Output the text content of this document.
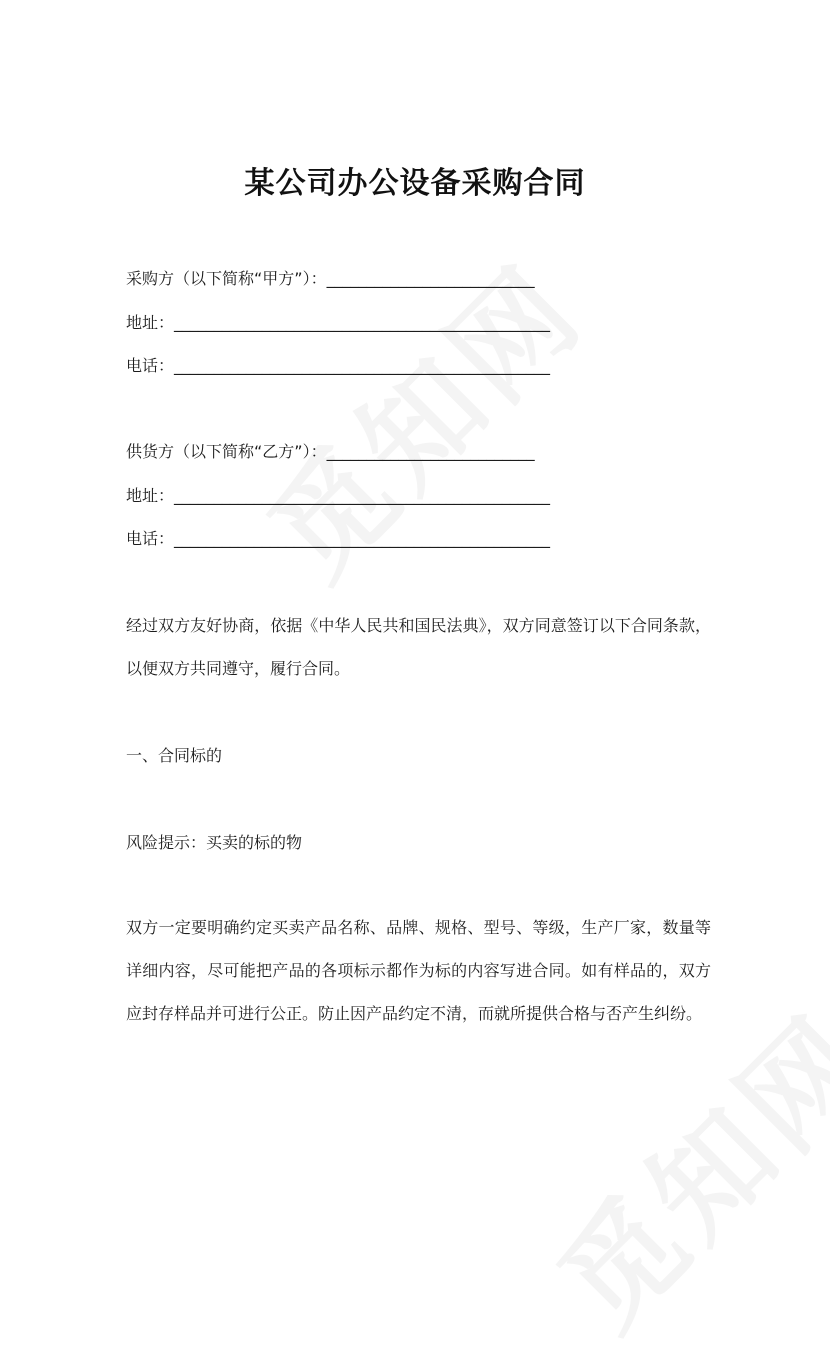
某公司办公设备采购合同
采购方（以下简称“甲方”）：__________________________
地址：_______________________________________________
电话：_______________________________________________
供货方（以下简称“乙方”）：__________________________
地址：_______________________________________________
电话：_______________________________________________
经过双方友好协商，依据《中华人民共和国民法典》，双方同意签订以下合同条款，以便双方共同遵守，履行合同。
一、合同标的
风险提示：买卖的标的物
双方一定要明确约定买卖产品名称、品牌、规格、型号、等级，生产厂家，数量等详细内容，尽可能把产品的各项标示都作为标的内容写进合同。如有样品的，双方应封存样品并可进行公正。防止因产品约定不清，而就所提供合格与否产生纠纷。
